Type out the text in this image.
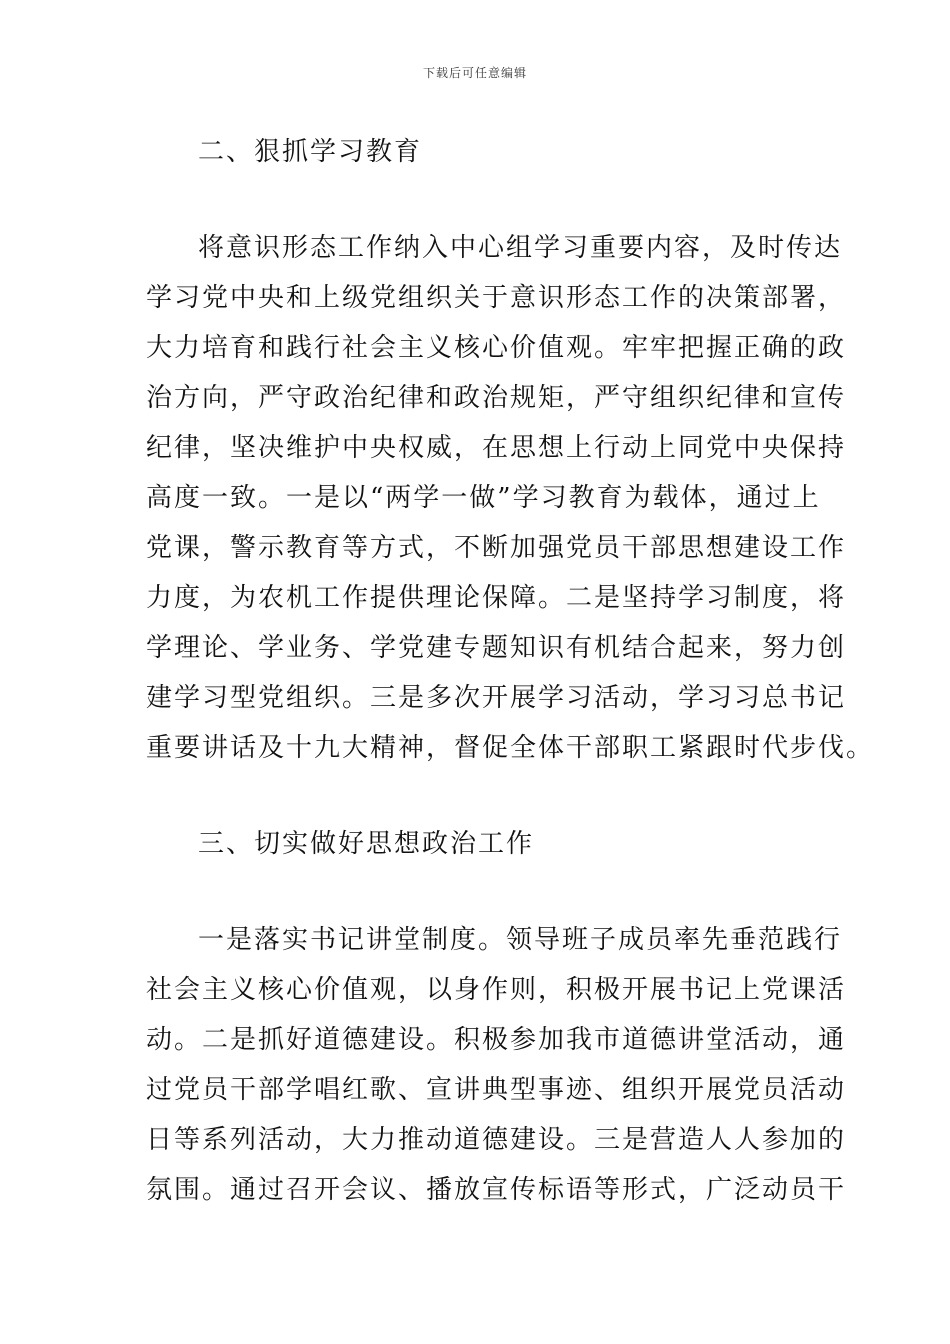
下载后可任意编辑
二、狠抓学习教育
将意识形态工作纳入中心组学习重要内容，及时传达
学习党中央和上级党组织关于意识形态工作的决策部署，
大力培育和践行社会主义核心价值观。牢牢把握正确的政
治方向，严守政治纪律和政治规矩，严守组织纪律和宣传
纪律，坚决维护中央权威，在思想上行动上同党中央保持
高度一致。一是以“两学一做”学习教育为载体，通过上
党课，警示教育等方式，不断加强党员干部思想建设工作
力度，为农机工作提供理论保障。二是坚持学习制度，将
学理论、学业务、学党建专题知识有机结合起来，努力创
建学习型党组织。三是多次开展学习活动，学习习总书记
重要讲话及十九大精神，督促全体干部职工紧跟时代步伐。
三、切实做好思想政治工作
一是落实书记讲堂制度。领导班子成员率先垂范践行
社会主义核心价值观，以身作则，积极开展书记上党课活
动。二是抓好道德建设。积极参加我市道德讲堂活动，通
过党员干部学唱红歌、宣讲典型事迹、组织开展党员活动
日等系列活动，大力推动道德建设。三是营造人人参加的
氛围。通过召开会议、播放宣传标语等形式，广泛动员干
